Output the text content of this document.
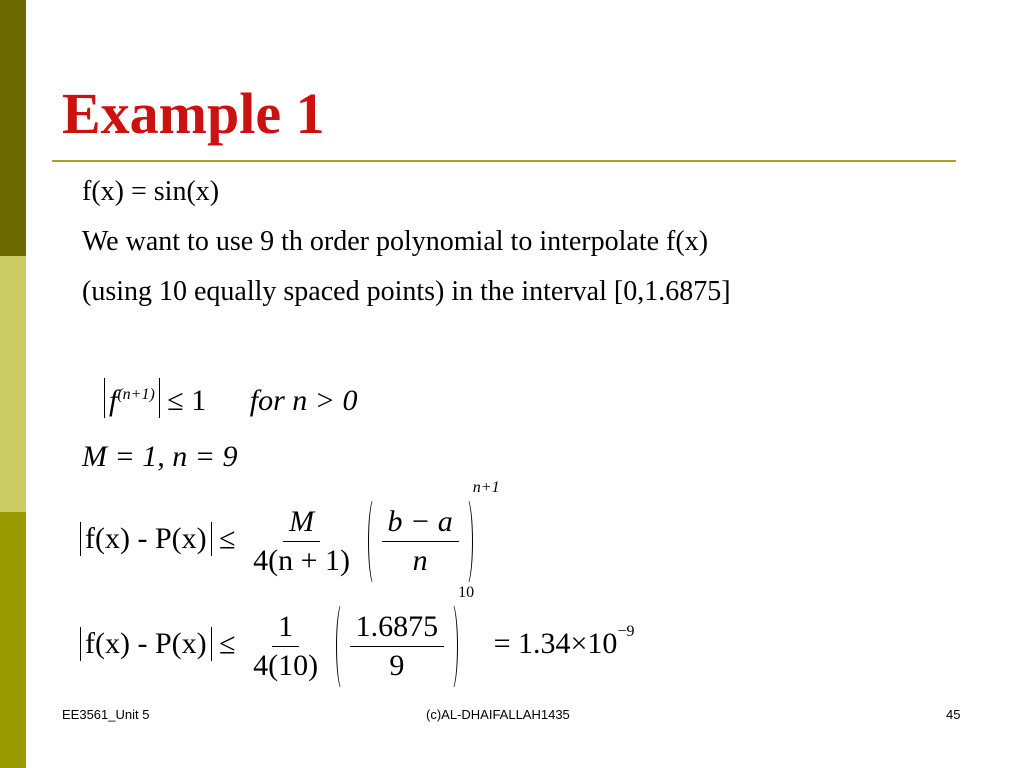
Example 1
f(x) = sin(x)
We want to use 9 th order polynomial to interpolate f(x)
(using 10 equally spaced points) in the interval [0,1.6875]
$f^{(n+1)} \le 1$ for n > 0
M = 1, n = 9
$f(x) - P(x) \le \frac{M}{4(n + 1)}$
$\frac{b - a}{n}$
$^{n+1}$
$f(x) - P(x) \le \frac{1}{4(10)}$
$\frac{1.6875}{9}$
$^{10} = 1.34\times 10^{-9}$
EE3561_Unit 5	(c)AL-DHAIFALLAH1435	45
